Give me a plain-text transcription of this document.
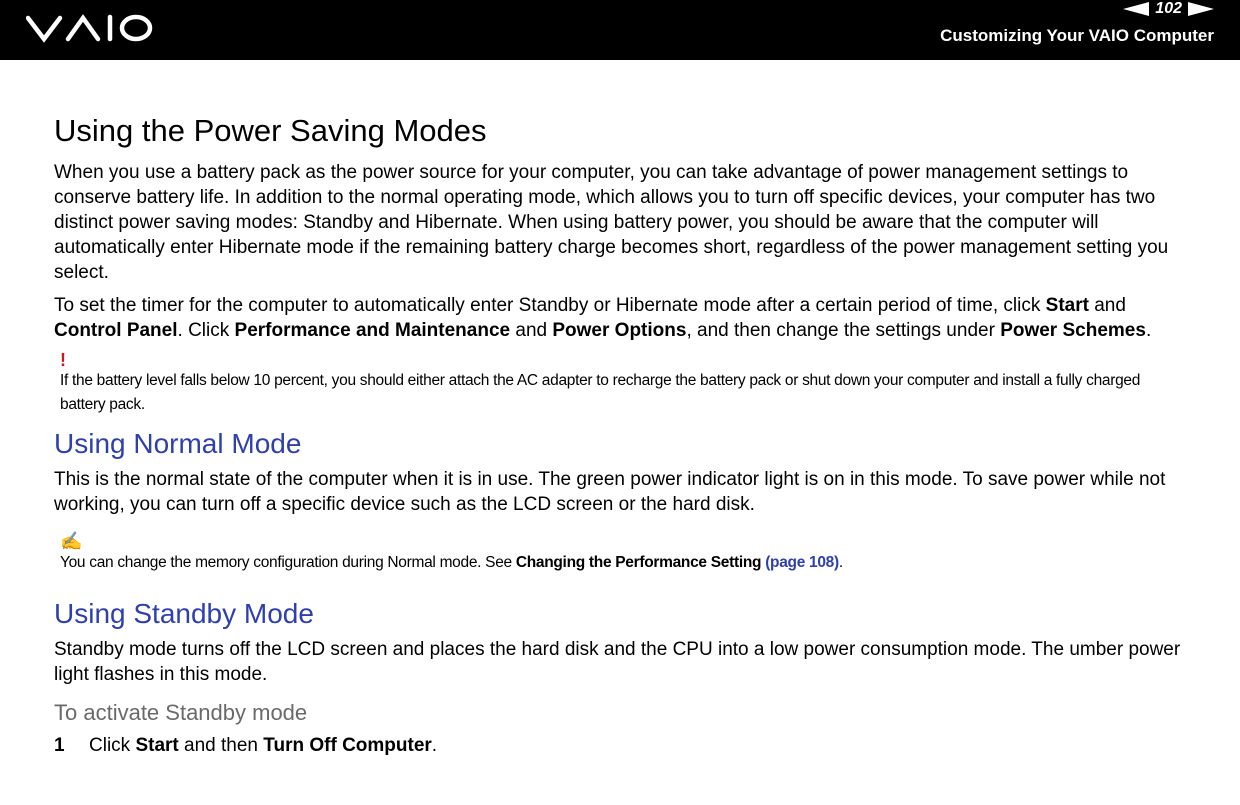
102
Customizing Your VAIO Computer
Using the Power Saving Modes

When you use a battery pack as the power source for your computer, you can take advantage of power management settings to conserve battery life. In addition to the normal operating mode, which allows you to turn off specific devices, your computer has two distinct power saving modes: Standby and Hibernate. When using battery power, you should be aware that the computer will automatically enter Hibernate mode if the remaining battery charge becomes short, regardless of the power management setting you select.

To set the timer for the computer to automatically enter Standby or Hibernate mode after a certain period of time, click Start and Control Panel. Click Performance and Maintenance and Power Options, and then change the settings under Power Schemes.

!
If the battery level falls below 10 percent, you should either attach the AC adapter to recharge the battery pack or shut down your computer and install a fully charged battery pack.
Using Normal Mode

This is the normal state of the computer when it is in use. The green power indicator light is on in this mode. To save power while not working, you can turn off a specific device such as the LCD screen or the hard disk.

✍
You can change the memory configuration during Normal mode. See Changing the Performance Setting (page 108).
Using Standby Mode

Standby mode turns off the LCD screen and places the hard disk and the CPU into a low power consumption mode. The umber power light flashes in this mode.

To activate Standby mode
1	Click Start and then Turn Off Computer.
